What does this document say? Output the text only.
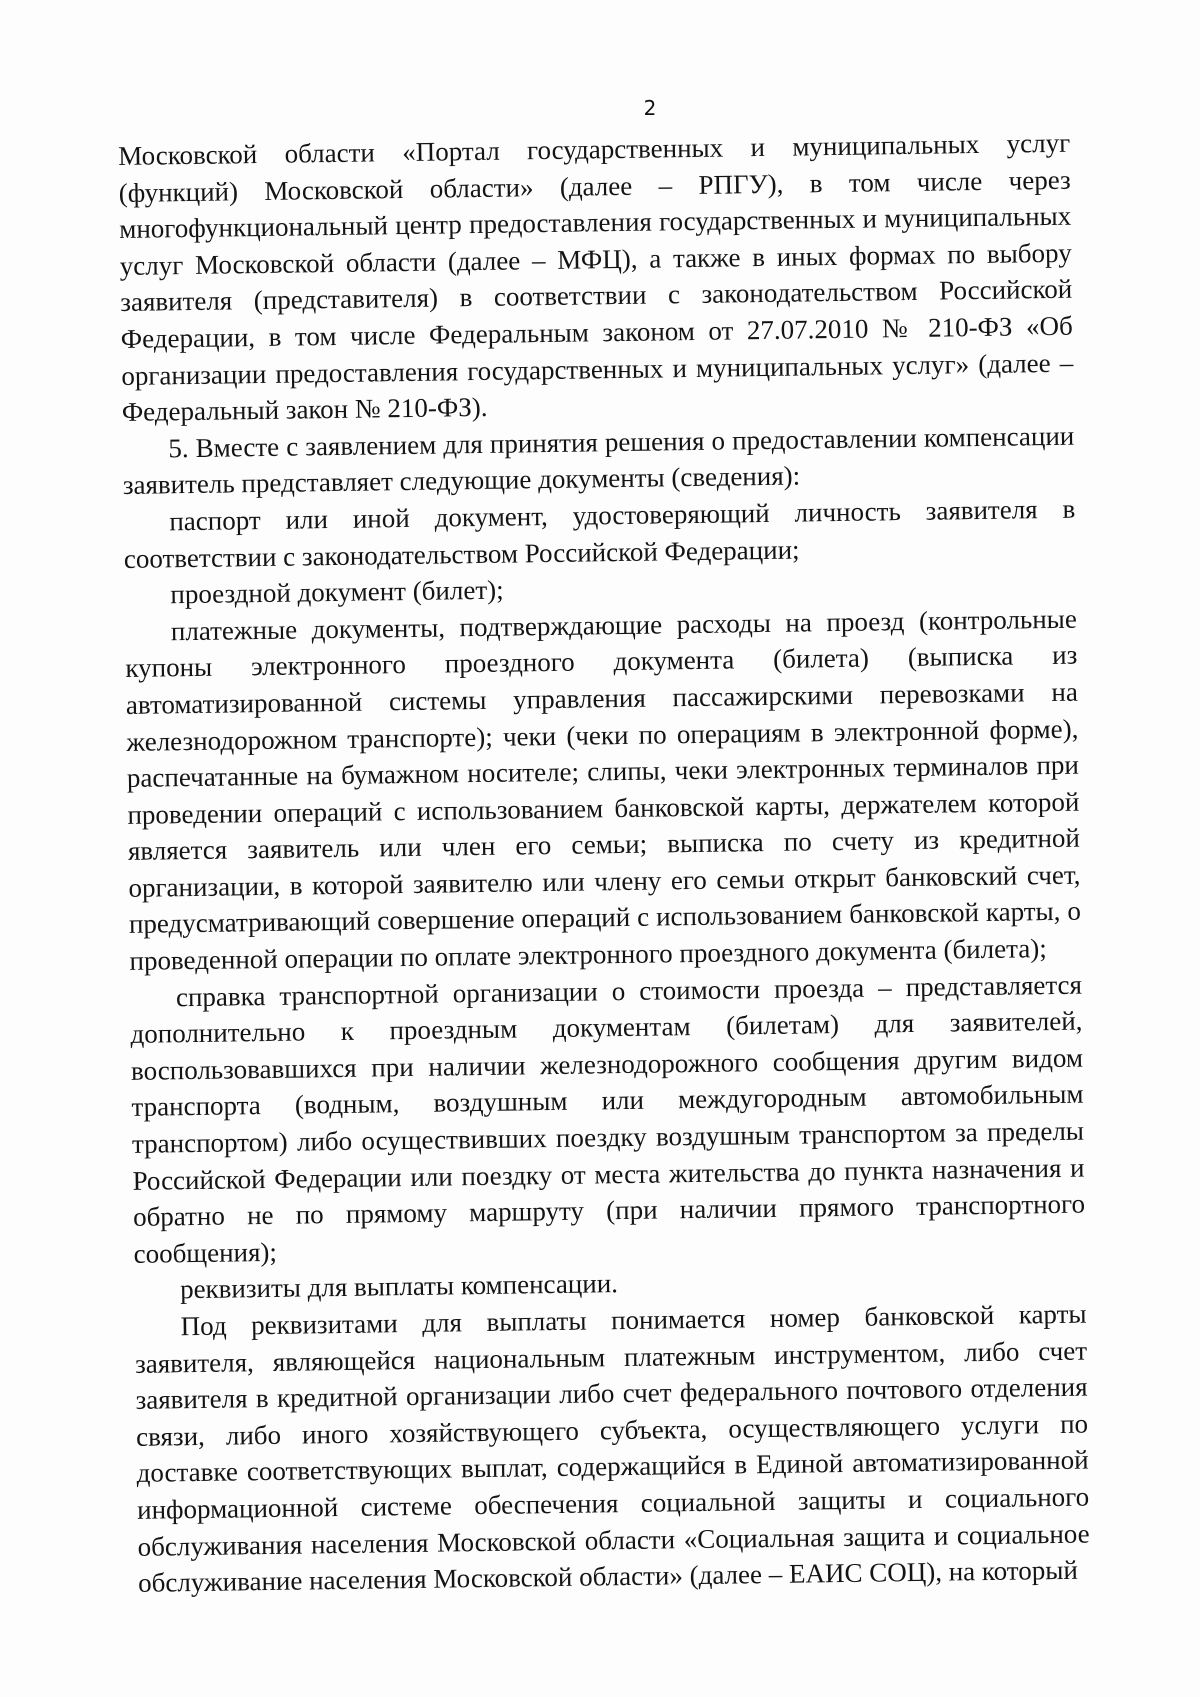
2

Московской области «Портал государственных и муниципальных услуг (функций) Московской области» (далее – РПГУ), в том числе через многофункциональный центр предоставления государственных и муниципальных услуг Московской области (далее – МФЦ), а также в иных формах по выбору заявителя (представителя) в соответствии с законодательством Российской Федерации, в том числе Федеральным законом от 27.07.2010 № 210-ФЗ «Об организации предоставления государственных и муниципальных услуг» (далее – Федеральный закон № 210-ФЗ).

5. Вместе с заявлением для принятия решения о предоставлении компенсации заявитель представляет следующие документы (сведения):

паспорт или иной документ, удостоверяющий личность заявителя в соответствии с законодательством Российской Федерации;

проездной документ (билет);

платежные документы, подтверждающие расходы на проезд (контрольные купоны электронного проездного документа (билета) (выписка из автоматизированной системы управления пассажирскими перевозками на железнодорожном транспорте); чеки (чеки по операциям в электронной форме), распечатанные на бумажном носителе; слипы, чеки электронных терминалов при проведении операций с использованием банковской карты, держателем которой является заявитель или член его семьи; выписка по счету из кредитной организации, в которой заявителю или члену его семьи открыт банковский счет, предусматривающий совершение операций с использованием банковской карты, о проведенной операции по оплате электронного проездного документа (билета);

справка транспортной организации о стоимости проезда – представляется дополнительно к проездным документам (билетам) для заявителей, воспользовавшихся при наличии железнодорожного сообщения другим видом транспорта (водным, воздушным или междугородным автомобильным транспортом) либо осуществивших поездку воздушным транспортом за пределы Российской Федерации или поездку от места жительства до пункта назначения и обратно не по прямому маршруту (при наличии прямого транспортного сообщения);

реквизиты для выплаты компенсации.

Под реквизитами для выплаты понимается номер банковской карты заявителя, являющейся национальным платежным инструментом, либо счет заявителя в кредитной организации либо счет федерального почтового отделения связи, либо иного хозяйствующего субъекта, осуществляющего услуги по доставке соответствующих выплат, содержащийся в Единой автоматизированной информационной системе обеспечения социальной защиты и социального обслуживания населения Московской области «Социальная защита и социальное обслуживание населения Московской области» (далее – ЕАИС СОЦ), на который
